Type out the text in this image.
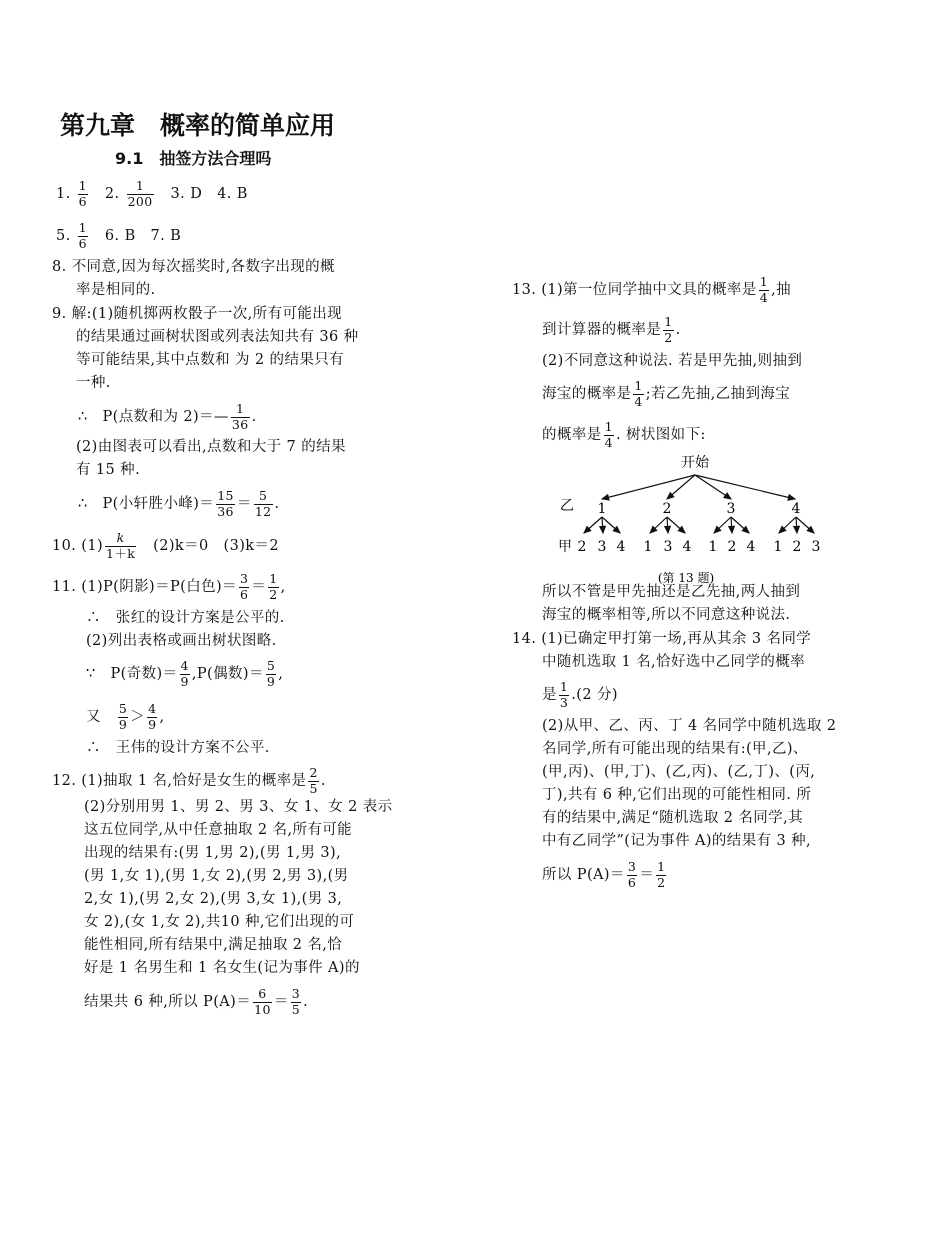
第九章　概率的简单应用
9.1　抽签方法合理吗
1. $\frac{1}{6}$
　 2. $\frac{1}{200}$
　 3. D　4. B
5. $\frac{1}{6}$
　 6. B　7. B
8. 不同意,因为每次摇奖时,各数字出现的概
率是相同的.
9. 解:(1)随机掷两枚骰子一次,所有可能出现
的结果通过画树状图或列表法知共有 36 种
等可能结果,其中点数和 为 2 的结果只有
一种.
∴　P(点数和为 2)＝— $\frac{1}{36}$ .
(2)由图表可以看出,点数和大于 7 的结果
有 15 种.
∴　P(小轩胜小峰)＝ $\frac{15}{36} = \frac{5}{12}$ .
10. $(1) \frac{k}{1+k}$
　 (2)k＝0　(3)k＝2
11. (1)P(阴影)＝P(白色)＝ $\frac{3}{6} = \frac{1}{2}$ ,
∴　张红的设计方案是公平的.
(2)列出表格或画出树状图略.
∵　P(奇数)＝ $\frac{4}{9} ,P$(偶数)＝ $\frac{5}{9}$ ,
又　 $\frac{5}{9} > \frac{4}{9}$ ,
∴　王伟的设计方案不公平.
12. (1)抽取 1 名,恰好是女生的概率是 $\frac{2}{5}$ .
(2)分别用男 1、男 2、男 3、女 1、女 2 表示
这五位同学,从中任意抽取 2 名,所有可能
出现的结果有:(男 1,男 2),(男 1,男 3),
(男 1,女 1),(男 1,女 2),(男 2,男 3),(男
2,女 1),(男 2,女 2),(男 3,女 1),(男 3,
女 2),(女 1,女 2),共10 种,它们出现的可
能性相同,所有结果中,满足抽取 2 名,恰
好是 1 名男生和 1 名女生(记为事件 A)的
结果共 6 种,所以 $P(A)= \frac{6}{10} = \frac{3}{5}$ .
13. (1)第一位同学抽中文具的概率是 $\frac{1}{4}$ ,抽
到计算器的概率是 $\frac{1}{2}$ .
(2)不同意这种说法. 若是甲先抽,则抽到
海宝的概率是 $\frac{1}{4}$ ;若乙先抽,乙抽到海宝
的概率是 $\frac{1}{4}$ . 树状图如下:
开始
乙 1	2	3	4
甲 2 3 4 1 3 4 1 2 4 1 2 3
(第 13 题)
所以不管是甲先抽还是乙先抽,两人抽到
海宝的概率相等,所以不同意这种说法.
14. (1)已确定甲打第一场,再从其余 3 名同学
中随机选取 1 名,恰好选中乙同学的概率
是 $\frac{1}{3} .(2$ 分)
(2)从甲、乙、丙、丁 4 名同学中随机选取 2
名同学,所有可能出现的结果有:(甲,乙)、
(甲,丙)、(甲,丁)、(乙,丙)、(乙,丁)、(丙,
丁),共有 6 种,它们出现的可能性相同. 所
有的结果中,满足“随机选取 2 名同学,其
中有乙同学”(记为事件 A)的结果有 3 种,
所以 $P(A)= \frac{3}{6} = \frac{1}{2}$
